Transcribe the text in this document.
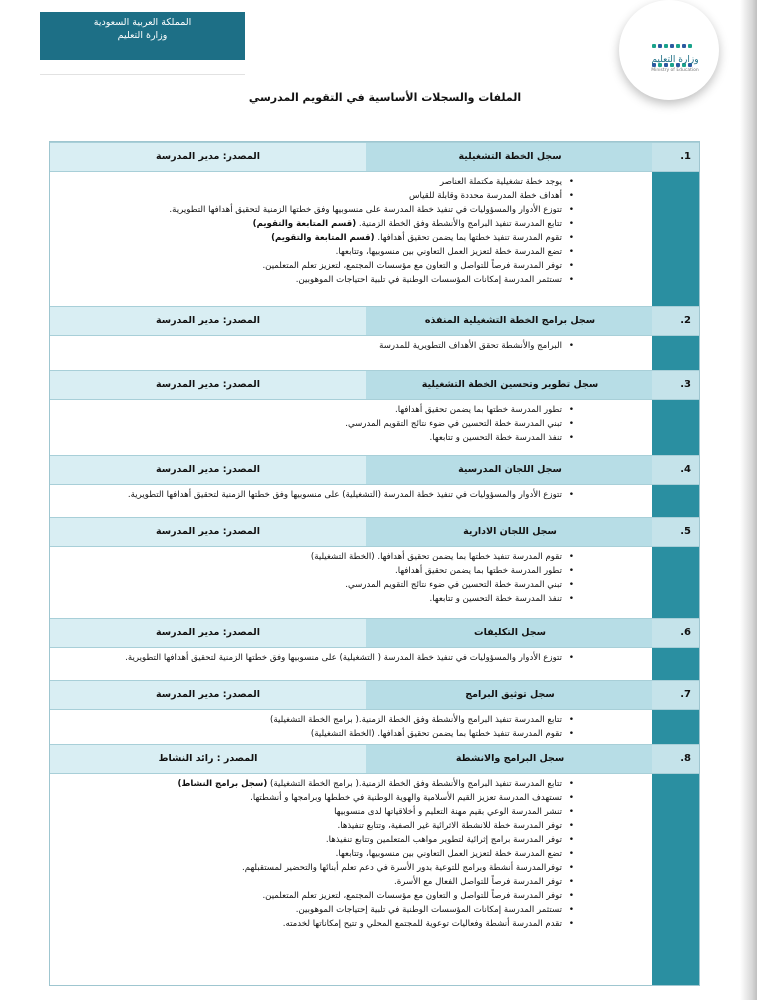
المملكة العربية السعودية
وزارة التعليم

وزارة التعليم
Ministry of Education
الملفات والسجلات الأساسية في التقويم المدرسي
سجل الخطة التشغيلية
المصدر: مدير المدرسة	.1
• يوجد خطة تشغيلية مكتملة العناصر
• أهداف خطة المدرسة محددة وقابلة للقياس
• تتوزع الأدوار والمسؤوليات في تنفيذ خطة المدرسة على منسوبيها وفق خطتها الزمنية لتحقيق أهدافها التطويرية.
• تتابع المدرسة تنفيذ البرامج والأنشطة وفق الخطة الزمنية. (قسم المتابعة والتقويم)
• تقوم المدرسة تنفيذ خطتها بما يضمن تحقيق أهدافها. (قسم المتابعة والتقويم)
• تضع المدرسة خطة لتعزيز العمل التعاوني بين منسوبيها، وتتابعها.
• توفر المدرسة فرصاً للتواصل و التعاون مع مؤسسات المجتمع، لتعزيز تعلم المتعلمين.
• تستثمر المدرسة إمكانات المؤسسات الوطنية في تلبية احتياجات الموهوبين.
سجل برامج الخطة التشغيلية المنفذه
المصدر: مدير المدرسة	.2
• البرامج والأنشطة تحقق الأهداف التطويرية للمدرسة
سجل تطوير وتحسين الخطة التشغيلية
المصدر: مدير المدرسة	.3
• تطور المدرسة خطتها بما يضمن تحقيق أهدافها.
• تبني المدرسة خطة التحسين في ضوء نتائج التقويم المدرسي.
• تنفذ المدرسة خطة التحسين و تتابعها.
سجل اللجان المدرسية
المصدر: مدير المدرسة	.4
• تتوزع الأدوار والمسؤوليات في تنفيذ خطة المدرسة (التشغيلية) على منسوبيها وفق خطتها الزمنية لتحقيق أهدافها التطويرية.
سجل اللجان الادارية
المصدر: مدير المدرسة	.5
• تقوم المدرسة تنفيذ خطتها بما يضمن تحقيق أهدافها. (الخطة التشغيلية)
• تطور المدرسة خطتها بما يضمن تحقيق أهدافها.
• تبني المدرسة خطة التحسين في ضوء نتائج التقويم المدرسي.
• تنفذ المدرسة خطة التحسين و تتابعها.
سجل التكليفات
المصدر: مدير المدرسة	.6
• تتوزع الأدوار والمسؤوليات في تنفيذ خطة المدرسة ( التشغيلية) على منسوبيها وفق خطتها الزمنية لتحقيق أهدافها التطويرية.
سجل توثيق البرامج
المصدر: مدير المدرسة	.7
• تتابع المدرسة تنفيذ البرامج والأنشطة وفق الخطة الزمنية.( برامج الخطة التشغيلية)
• تقوم المدرسة تنفيذ خطتها بما يضمن تحقيق أهدافها. (الخطة التشغيلية)
سجل البرامج والانشطة
المصدر : رائد النشاط	.8
• تتابع المدرسة تنفيذ البرامج والأنشطة وفق الخطة الزمنية.( برامج الخطة التشغيلية) (سجل برامج النشاط)
• تستهدف المدرسة تعزيز القيم الأسلامية والهوية الوطنية في خططها وبرامجها و أنشطتها.
• تنشر المدرسة الوعي بقيم مهنة التعليم و أخلاقياتها لدى منسوبيها
• توفر المدرسة خطة للانشطة الاثرائية غير الصفية، وتتابع تنفيذها.
• توفر المدرسة برامج إثرائية لتطوير مواهب المتعلمين وتتابع تنفيذها.
• تضع المدرسة خطة لتعزيز العمل التعاوني بين منسوبيها، وتتابعها.
• توفرالمدرسة أنشطة وبرامج للتوعية بدور الأسرة في دعم تعلم أبنائها والتحضير لمستقبلهم.
• توفر المدرسة فرصاً للتواصل الفعال مع الأسرة.
• توفر المدرسة فرصاً للتواصل و التعاون مع مؤسسات المجتمع، لتعزيز تعلم المتعلمين.
• تستثمر المدرسة إمكانات المؤسسات الوطنية في تلبية إحتياجات الموهوبين.
• تقدم المدرسة أنشطة وفعاليات توعوية للمجتمع المحلي و تتيح إمكاناتها لخدمته.
